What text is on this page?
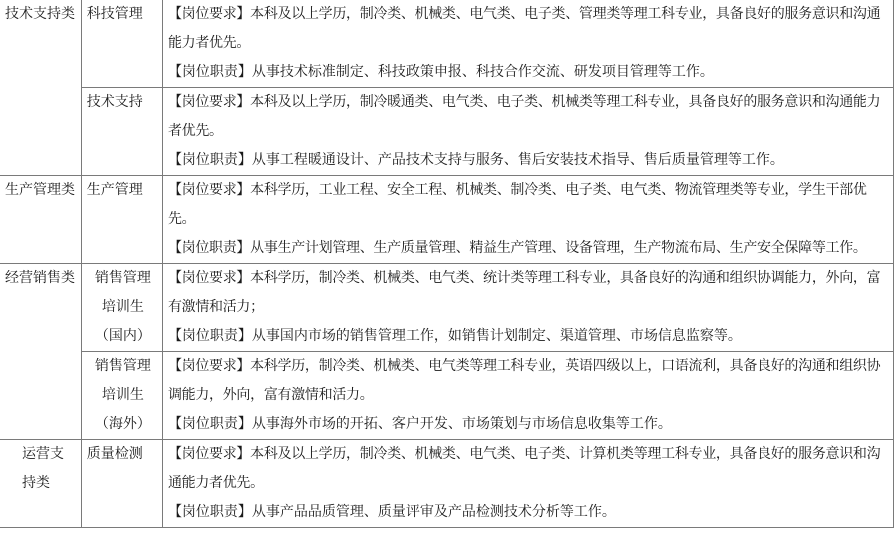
技术支持类	科技管理	【岗位要求】本科及以上学历，制冷类、机械类、电气类、电子类、管理类等理工科专业，具备良好的服务意识和沟通能力者优先。
【岗位职责】从事技术标准制定、科技政策申报、科技合作交流、研发项目管理等工作。

	技术支持	【岗位要求】本科及以上学历，制冷暖通类、电气类、电子类、机械类等理工科专业，具备良好的服务意识和沟通能力者优先。
【岗位职责】从事工程暖通设计、产品技术支持与服务、售后安装技术指导、售后质量管理等工作。

生产管理类	生产管理	【岗位要求】本科学历，工业工程、安全工程、机械类、制冷类、电子类、电气类、物流管理类等专业，学生干部优先。
【岗位职责】从事生产计划管理、生产质量管理、精益生产管理、设备管理，生产物流布局、生产安全保障等工作。

经营销售类	销售管理
培训生
（国内）	【岗位要求】本科学历，制冷类、机械类、电气类、统计类等理工科专业，具备良好的沟通和组织协调能力，外向，富有激情和活力；
【岗位职责】从事国内市场的销售管理工作，如销售计划制定、渠道管理、市场信息监察等。

	销售管理
培训生
（海外）	【岗位要求】本科学历，制冷类、机械类、电气类等理工科专业，英语四级以上，口语流利，具备良好的沟通和组织协调能力，外向，富有激情和活力。
【岗位职责】从事海外市场的开拓、客户开发、市场策划与市场信息收集等工作。

运营支持类	质量检测	【岗位要求】本科及以上学历，制冷类、机械类、电气类、电子类、计算机类等理工科专业，具备良好的服务意识和沟通能力者优先。
【岗位职责】从事产品品质管理、质量评审及产品检测技术分析等工作。
